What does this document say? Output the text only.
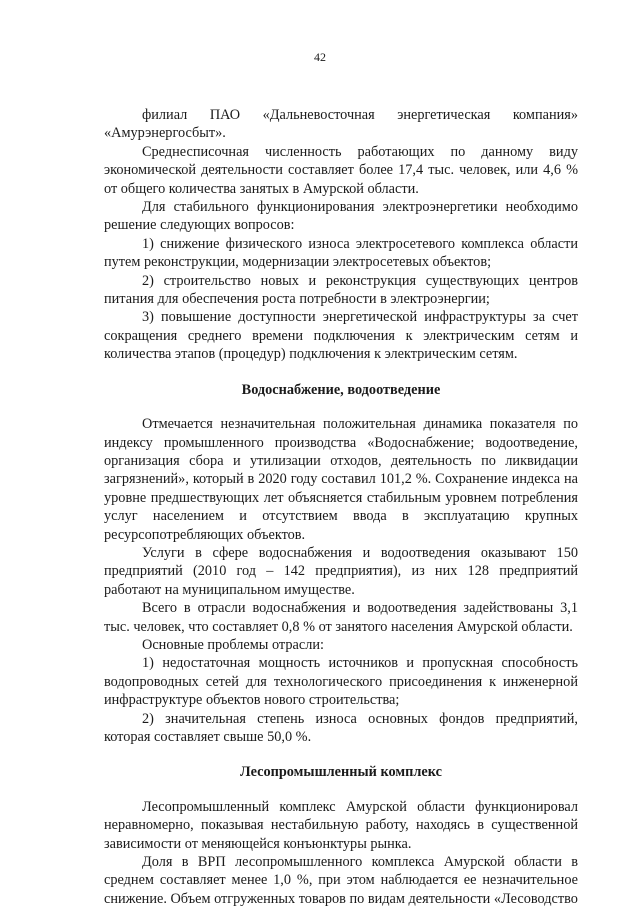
42

филиал ПАО «Дальневосточная энергетическая компания» «Амурэнергосбыт».

Среднесписочная численность работающих по данному виду экономической деятельности составляет более 17,4 тыс. человек, или 4,6 % от общего количества занятых в Амурской области.

Для стабильного функционирования электроэнергетики необходимо решение следующих вопросов:

1) снижение физического износа электросетевого комплекса области путем реконструкции, модернизации электросетевых объектов;

2) строительство новых и реконструкция существующих центров питания для обеспечения роста потребности в электроэнергии;

3) повышение доступности энергетической инфраструктуры за счет сокращения среднего времени подключения к электрическим сетям и количества этапов (процедур) подключения к электрическим сетям.

Водоснабжение, водоотведение

Отмечается незначительная положительная динамика показателя по индексу промышленного производства «Водоснабжение; водоотведение, организация сбора и утилизации отходов, деятельность по ликвидации загрязнений», который в 2020 году составил 101,2 %. Сохранение индекса на уровне предшествующих лет объясняется стабильным уровнем потребления услуг населением и отсутствием ввода в эксплуатацию крупных ресурсопотребляющих объектов.

Услуги в сфере водоснабжения и водоотведения оказывают 150 предприятий (2010 год – 142 предприятия), из них 128 предприятий работают на муниципальном имуществе.

Всего в отрасли водоснабжения и водоотведения задействованы 3,1 тыс. человек, что составляет 0,8 % от занятого населения Амурской области.

Основные проблемы отрасли:

1) недостаточная мощность источников и пропускная способность водопроводных сетей для технологического присоединения к инженерной инфраструктуре объектов нового строительства;

2) значительная степень износа основных фондов предприятий, которая составляет свыше 50,0 %.

Лесопромышленный комплекс

Лесопромышленный комплекс Амурской области функционировал неравномерно, показывая нестабильную работу, находясь в существенной зависимости от меняющейся конъюнктуры рынка.

Доля в ВРП лесопромышленного комплекса Амурской области в среднем составляет менее 1,0 %, при этом наблюдается ее незначительное снижение. Объем отгруженных товаров по видам деятельности «Лесоводство
